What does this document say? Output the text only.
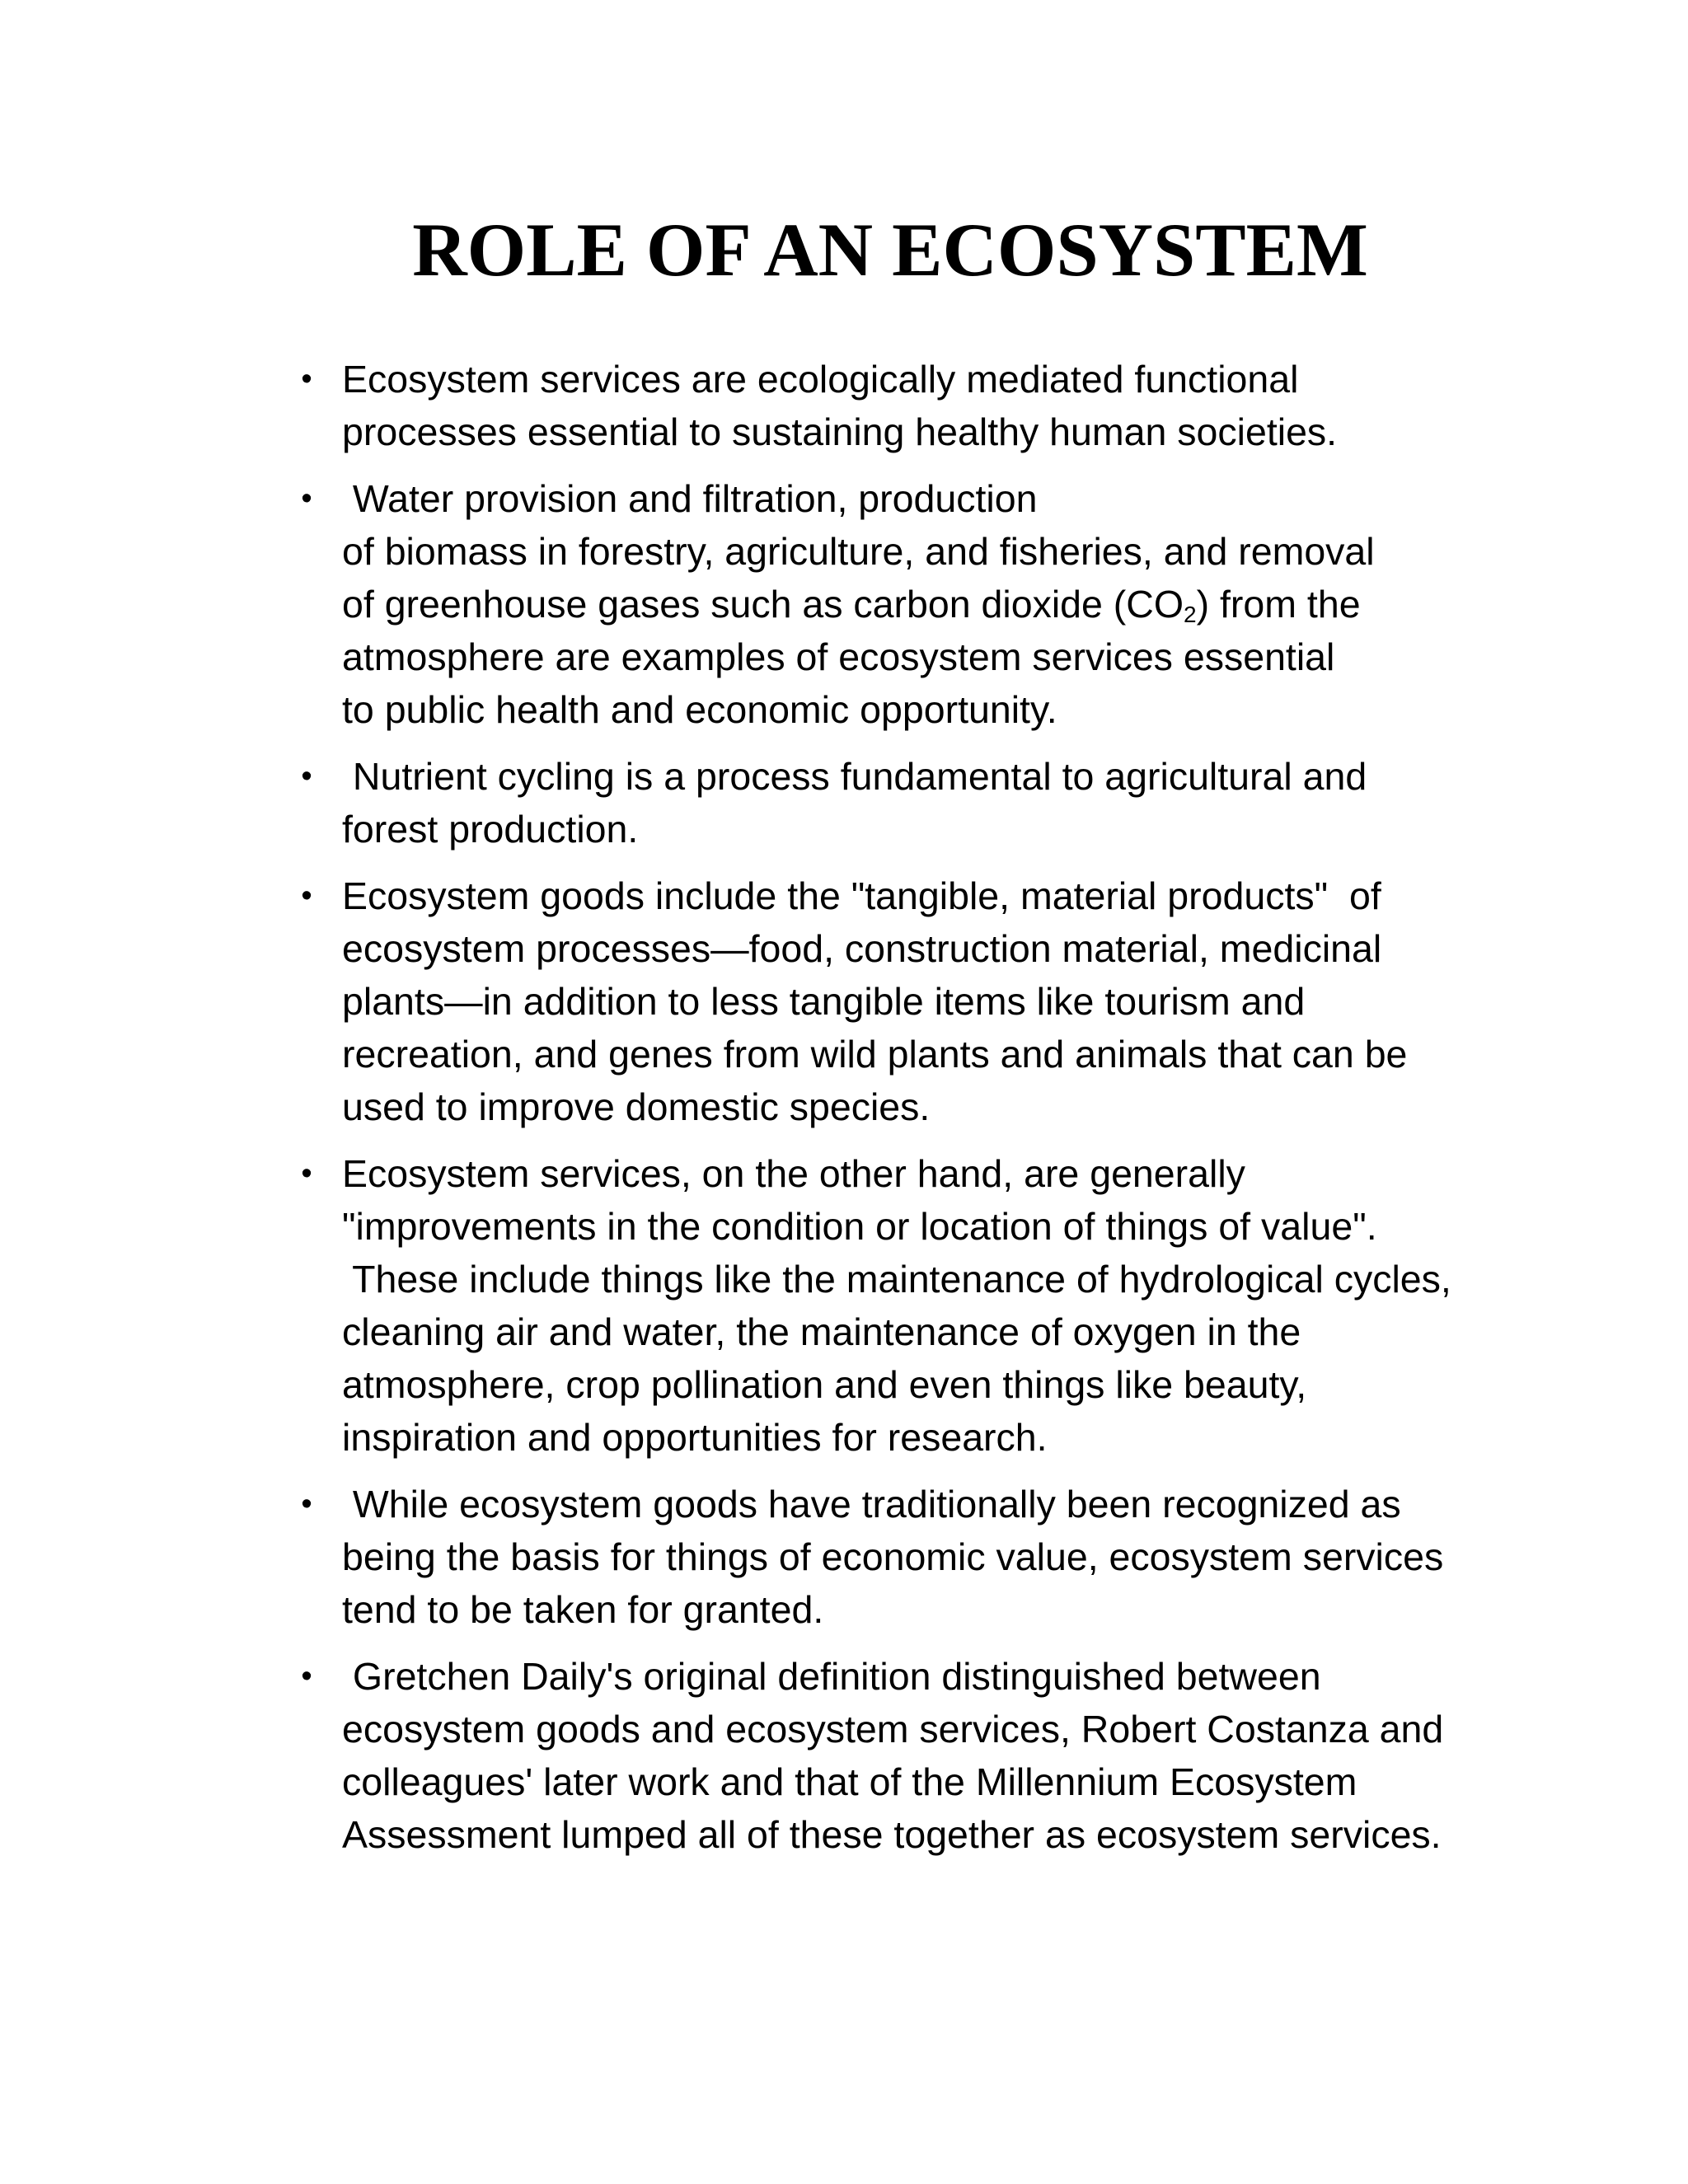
ROLE OF AN ECOSYSTEM
• Ecosystem services are ecologically mediated functional
processes essential to sustaining healthy human societies.
• Water provision and filtration, production
of biomass in forestry, agriculture, and fisheries, and removal
of greenhouse gases such as carbon dioxide $(CO_2)$ from the
atmosphere are examples of ecosystem services essential
to public health and economic opportunity.
• Nutrient cycling is a process fundamental to agricultural and
forest production.
• Ecosystem goods include the "tangible, material products"  of
ecosystem processes—food, construction material, medicinal
plants—in addition to less tangible items like tourism and
recreation, and genes from wild plants and animals that can be
used to improve domestic species.
• Ecosystem services, on the other hand, are generally
"improvements in the condition or location of things of value".
These include things like the maintenance of hydrological cycles,
cleaning air and water, the maintenance of oxygen in the
atmosphere, crop pollination and even things like beauty,
inspiration and opportunities for research.
• While ecosystem goods have traditionally been recognized as
being the basis for things of economic value, ecosystem services
tend to be taken for granted.
• Gretchen Daily's original definition distinguished between
ecosystem goods and ecosystem services, Robert Costanza and
colleagues' later work and that of the Millennium Ecosystem
Assessment lumped all of these together as ecosystem services.
